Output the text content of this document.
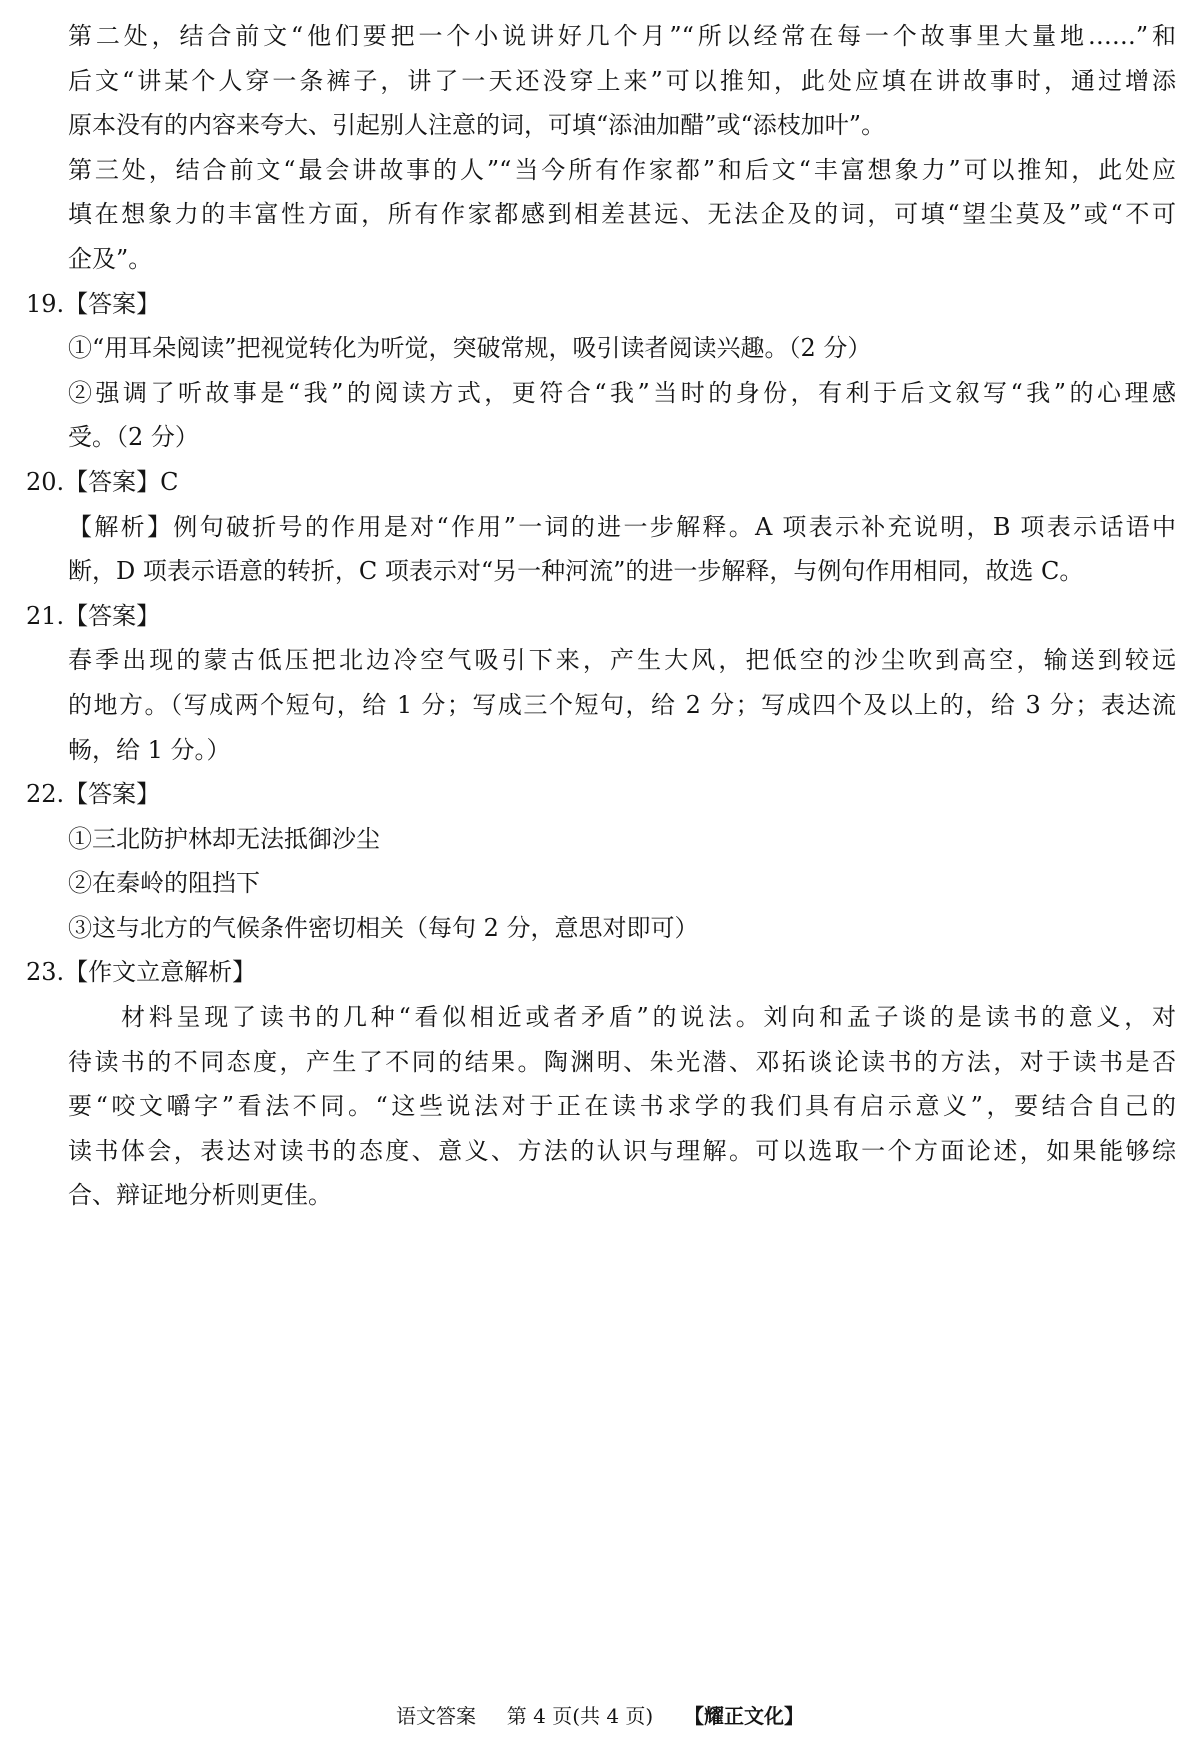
第二处，结合前文“他们要把一个小说讲好几个月”“所以经常在每一个故事里大量地……”和
后文“讲某个人穿一条裤子，讲了一天还没穿上来”可以推知，此处应填在讲故事时，通过增添
原本没有的内容来夸大、引起别人注意的词，可填“添油加醋”或“添枝加叶”。
第三处，结合前文“最会讲故事的人”“当今所有作家都”和后文“丰富想象力”可以推知，此处应
填在想象力的丰富性方面，所有作家都感到相差甚远、无法企及的词，可填“望尘莫及”或“不可
企及”。
19.【答案】
①“用耳朵阅读”把视觉转化为听觉，突破常规，吸引读者阅读兴趣。（2 分）
②强调了听故事是“我”的阅读方式，更符合“我”当时的身份，有利于后文叙写“我”的心理感
受。（2 分）
20.【答案】C
【解析】例句破折号的作用是对“作用”一词的进一步解释。A 项表示补充说明，B 项表示话语中
断，D 项表示语意的转折，C 项表示对“另一种河流”的进一步解释，与例句作用相同，故选 C。
21.【答案】
春季出现的蒙古低压把北边冷空气吸引下来，产生大风，把低空的沙尘吹到高空，输送到较远
的地方。（写成两个短句，给 1 分；写成三个短句，给 2 分；写成四个及以上的，给 3 分；表达流
畅，给 1 分。）
22.【答案】
①三北防护林却无法抵御沙尘
②在秦岭的阻挡下
③这与北方的气候条件密切相关（每句 2 分，意思对即可）
23.【作文立意解析】
材料呈现了读书的几种“看似相近或者矛盾”的说法。刘向和孟子谈的是读书的意义，对
待读书的不同态度，产生了不同的结果。陶渊明、朱光潜、邓拓谈论读书的方法，对于读书是否
要“咬文嚼字”看法不同。“这些说法对于正在读书求学的我们具有启示意义”，要结合自己的
读书体会，表达对读书的态度、意义、方法的认识与理解。可以选取一个方面论述，如果能够综
合、辩证地分析则更佳。
语文答案 第 4 页(共 4 页) 【耀正文化】
